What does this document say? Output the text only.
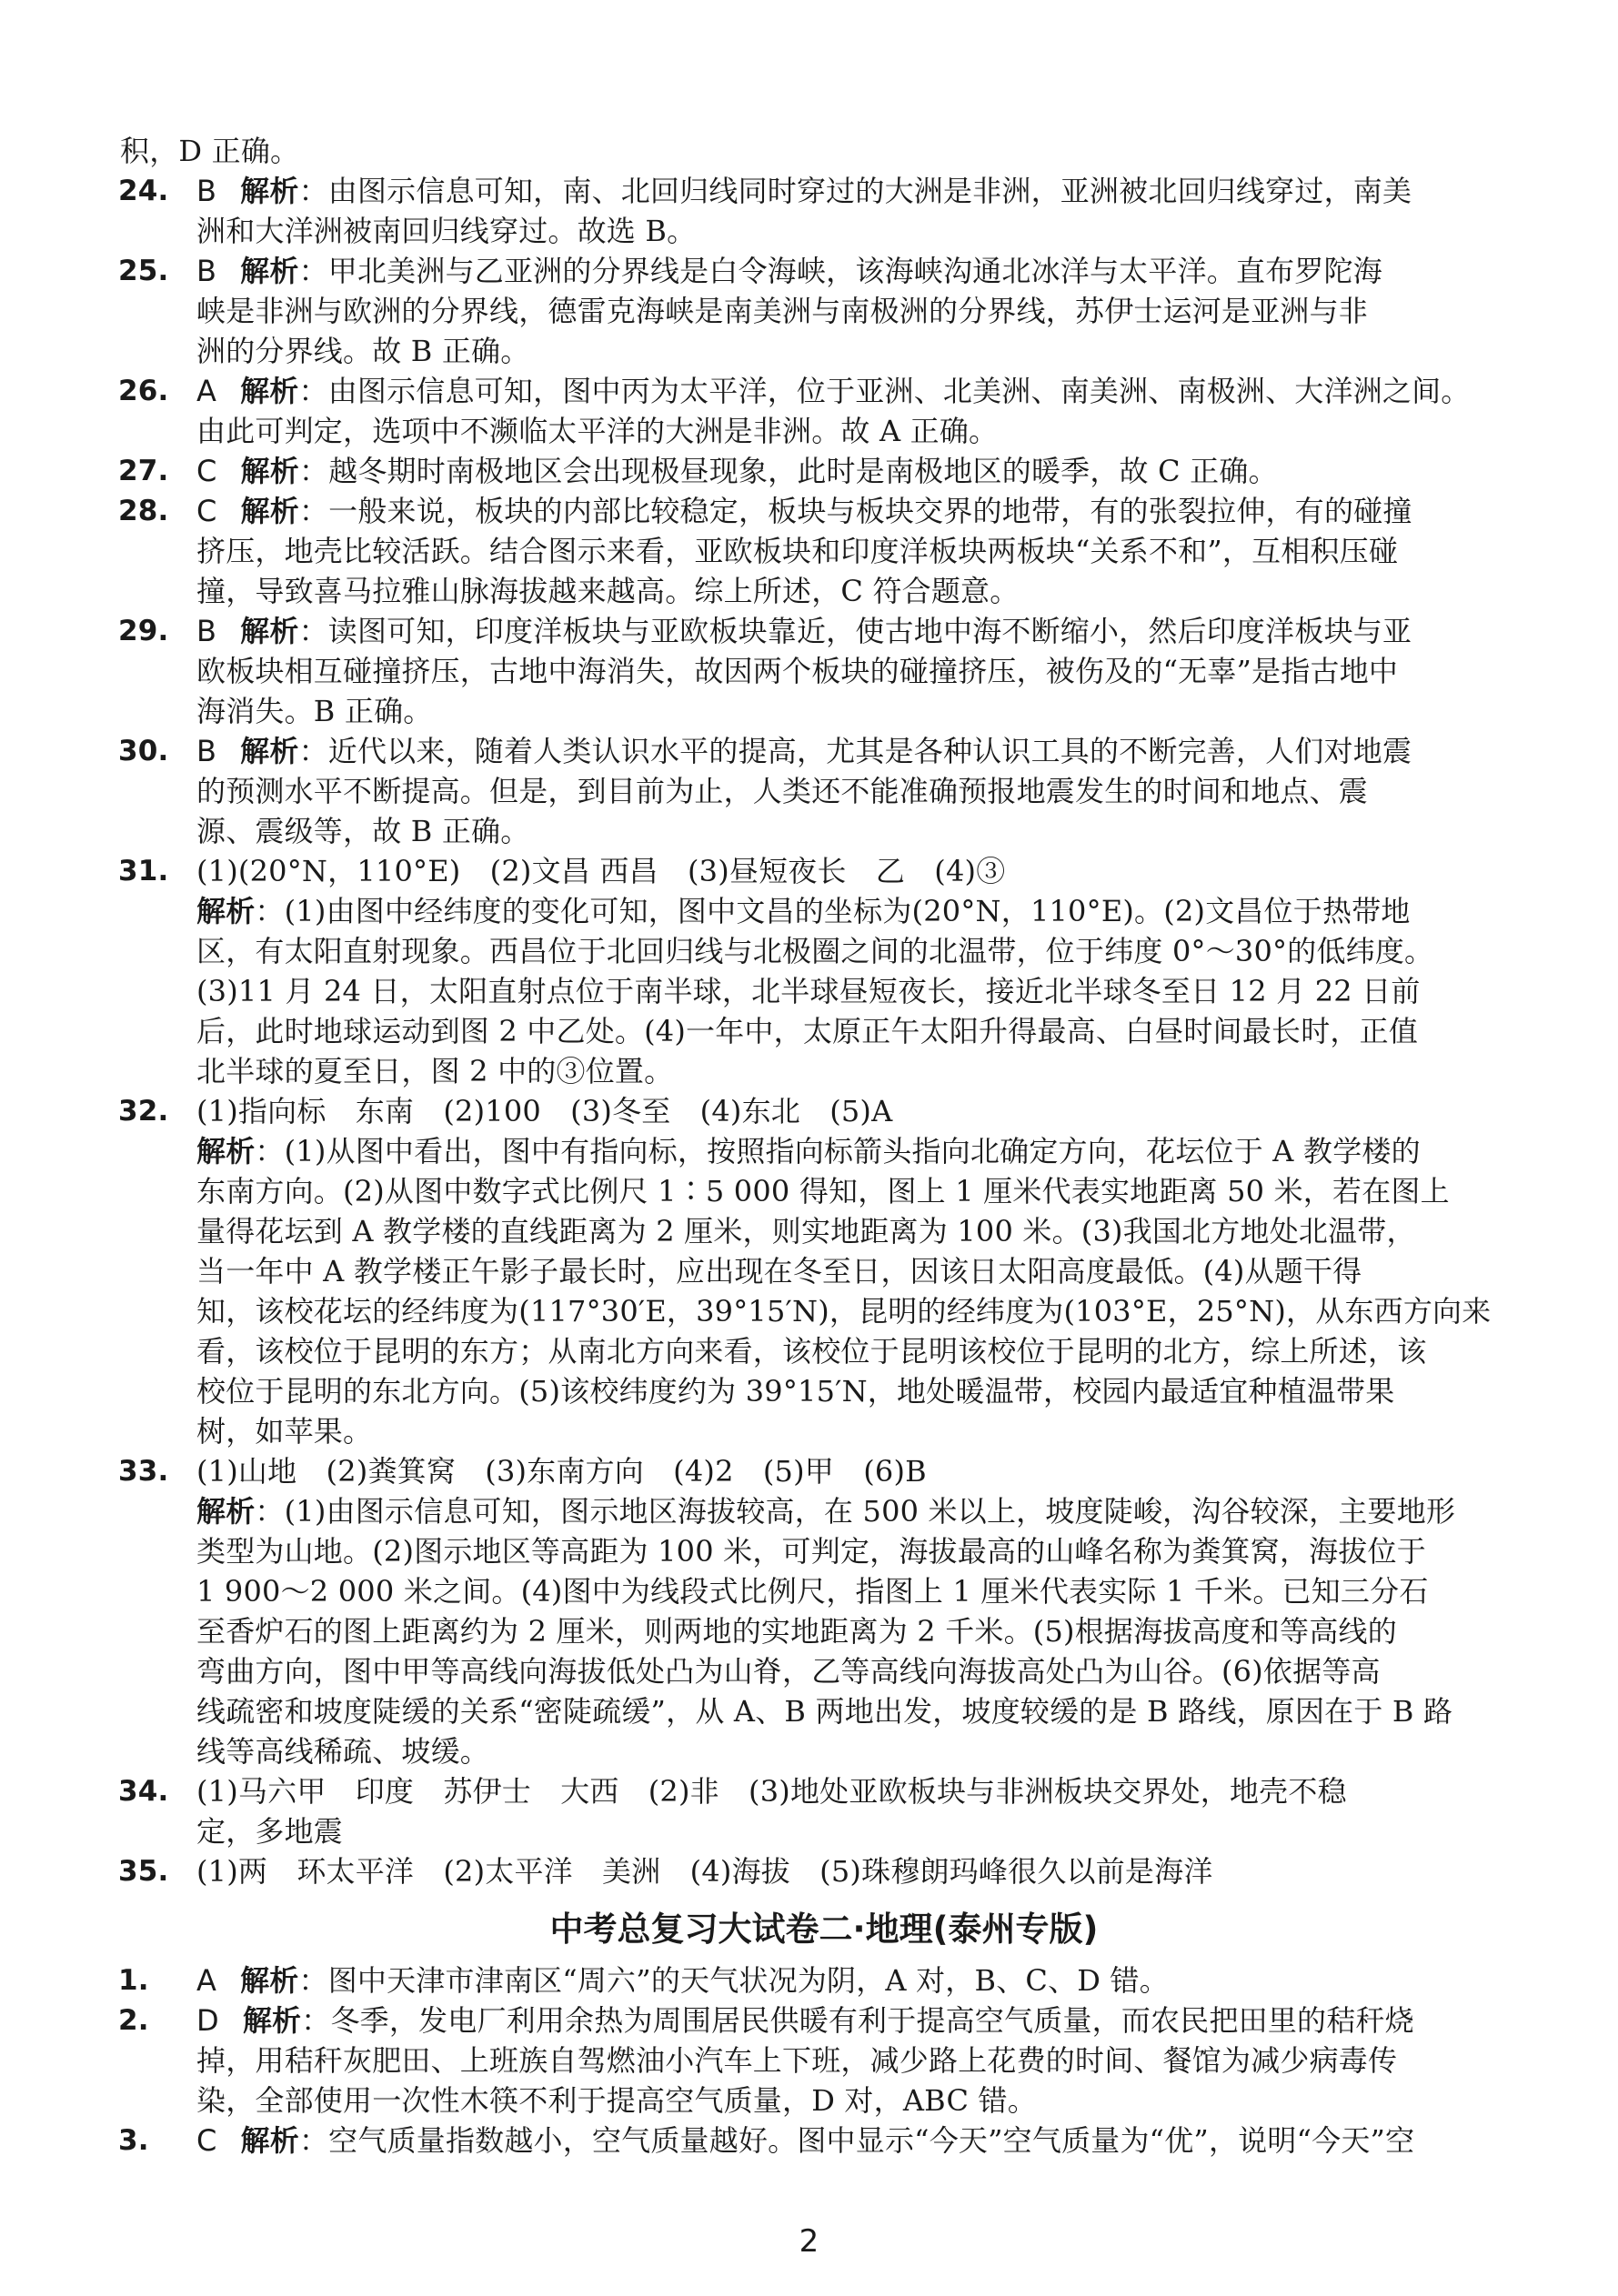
积，D 正确。
24. B 解析：由图示信息可知，南、北回归线同时穿过的大洲是非洲，亚洲被北回归线穿过，南美
洲和大洋洲被南回归线穿过。故选 B。
25. B 解析：甲北美洲与乙亚洲的分界线是白令海峡，该海峡沟通北冰洋与太平洋。直布罗陀海
峡是非洲与欧洲的分界线，德雷克海峡是南美洲与南极洲的分界线，苏伊士运河是亚洲与非
洲的分界线。故 B 正确。
26. A 解析：由图示信息可知，图中丙为太平洋，位于亚洲、北美洲、南美洲、南极洲、大洋洲之间。
由此可判定，选项中不濒临太平洋的大洲是非洲。故 A 正确。
27. C 解析：越冬期时南极地区会出现极昼现象，此时是南极地区的暖季，故 C 正确。
28. C 解析：一般来说，板块的内部比较稳定，板块与板块交界的地带，有的张裂拉伸，有的碰撞
挤压，地壳比较活跃。结合图示来看，亚欧板块和印度洋板块两板块“关系不和”，互相积压碰
撞，导致喜马拉雅山脉海拔越来越高。综上所述，C 符合题意。
29. B 解析：读图可知，印度洋板块与亚欧板块靠近，使古地中海不断缩小，然后印度洋板块与亚
欧板块相互碰撞挤压，古地中海消失，故因两个板块的碰撞挤压，被伤及的“无辜”是指古地中
海消失。B 正确。
30. B 解析：近代以来，随着人类认识水平的提高，尤其是各种认识工具的不断完善，人们对地震
的预测水平不断提高。但是，到目前为止，人类还不能准确预报地震发生的时间和地点、震
源、震级等，故 B 正确。
31. (1)(20°N，110°E)　(2)文昌 西昌　(3)昼短夜长　乙　(4)③
解析：(1)由图中经纬度的变化可知，图中文昌的坐标为(20°N，110°E)。(2)文昌位于热带地
区，有太阳直射现象。西昌位于北回归线与北极圈之间的北温带，位于纬度 0°～30°的低纬度。
(3)11 月 24 日，太阳直射点位于南半球，北半球昼短夜长，接近北半球冬至日 12 月 22 日前
后，此时地球运动到图 2 中乙处。(4)一年中，太原正午太阳升得最高、白昼时间最长时，正值
北半球的夏至日，图 2 中的③位置。
32. (1)指向标　东南　(2)100　(3)冬至　(4)东北　(5)A
解析：(1)从图中看出，图中有指向标，按照指向标箭头指向北确定方向，花坛位于 A 教学楼的
东南方向。(2)从图中数字式比例尺 1∶5 000 得知，图上 1 厘米代表实地距离 50 米，若在图上
量得花坛到 A 教学楼的直线距离为 2 厘米，则实地距离为 100 米。(3)我国北方地处北温带，
当一年中 A 教学楼正午影子最长时，应出现在冬至日，因该日太阳高度最低。(4)从题干得
知，该校花坛的经纬度为(117°30′E，39°15′N)，昆明的经纬度为(103°E，25°N)，从东西方向来
看，该校位于昆明的东方；从南北方向来看，该校位于昆明该校位于昆明的北方，综上所述，该
校位于昆明的东北方向。(5)该校纬度约为 39°15′N，地处暖温带，校园内最适宜种植温带果
树，如苹果。
33. (1)山地　(2)粪箕窝　(3)东南方向　(4)2　(5)甲　(6)B
解析：(1)由图示信息可知，图示地区海拔较高，在 500 米以上，坡度陡峻，沟谷较深，主要地形
类型为山地。(2)图示地区等高距为 100 米，可判定，海拔最高的山峰名称为粪箕窝，海拔位于
1 900～2 000 米之间。(4)图中为线段式比例尺，指图上 1 厘米代表实际 1 千米。已知三分石
至香炉石的图上距离约为 2 厘米，则两地的实地距离为 2 千米。(5)根据海拔高度和等高线的
弯曲方向，图中甲等高线向海拔低处凸为山脊，乙等高线向海拔高处凸为山谷。(6)依据等高
线疏密和坡度陡缓的关系“密陡疏缓”，从 A、B 两地出发，坡度较缓的是 B 路线，原因在于 B 路
线等高线稀疏、坡缓。
34. (1)马六甲　印度　苏伊士　大西　(2)非　(3)地处亚欧板块与非洲板块交界处，地壳不稳
定，多地震
35. (1)两　环太平洋　(2)太平洋　美洲　(4)海拔　(5)珠穆朗玛峰很久以前是海洋
中考总复习大试卷二·地理(泰州专版)
1.	A 解析：图中天津市津南区“周六”的天气状况为阴，A 对，B、C、D 错。
2.	D 解析：冬季，发电厂利用余热为周围居民供暖有利于提高空气质量，而农民把田里的秸秆烧
掉，用秸秆灰肥田、上班族自驾燃油小汽车上下班，减少路上花费的时间、餐馆为减少病毒传
染，全部使用一次性木筷不利于提高空气质量，D 对，ABC 错。
3.	C 解析：空气质量指数越小，空气质量越好。图中显示“今天”空气质量为“优”，说明“今天”空
2
